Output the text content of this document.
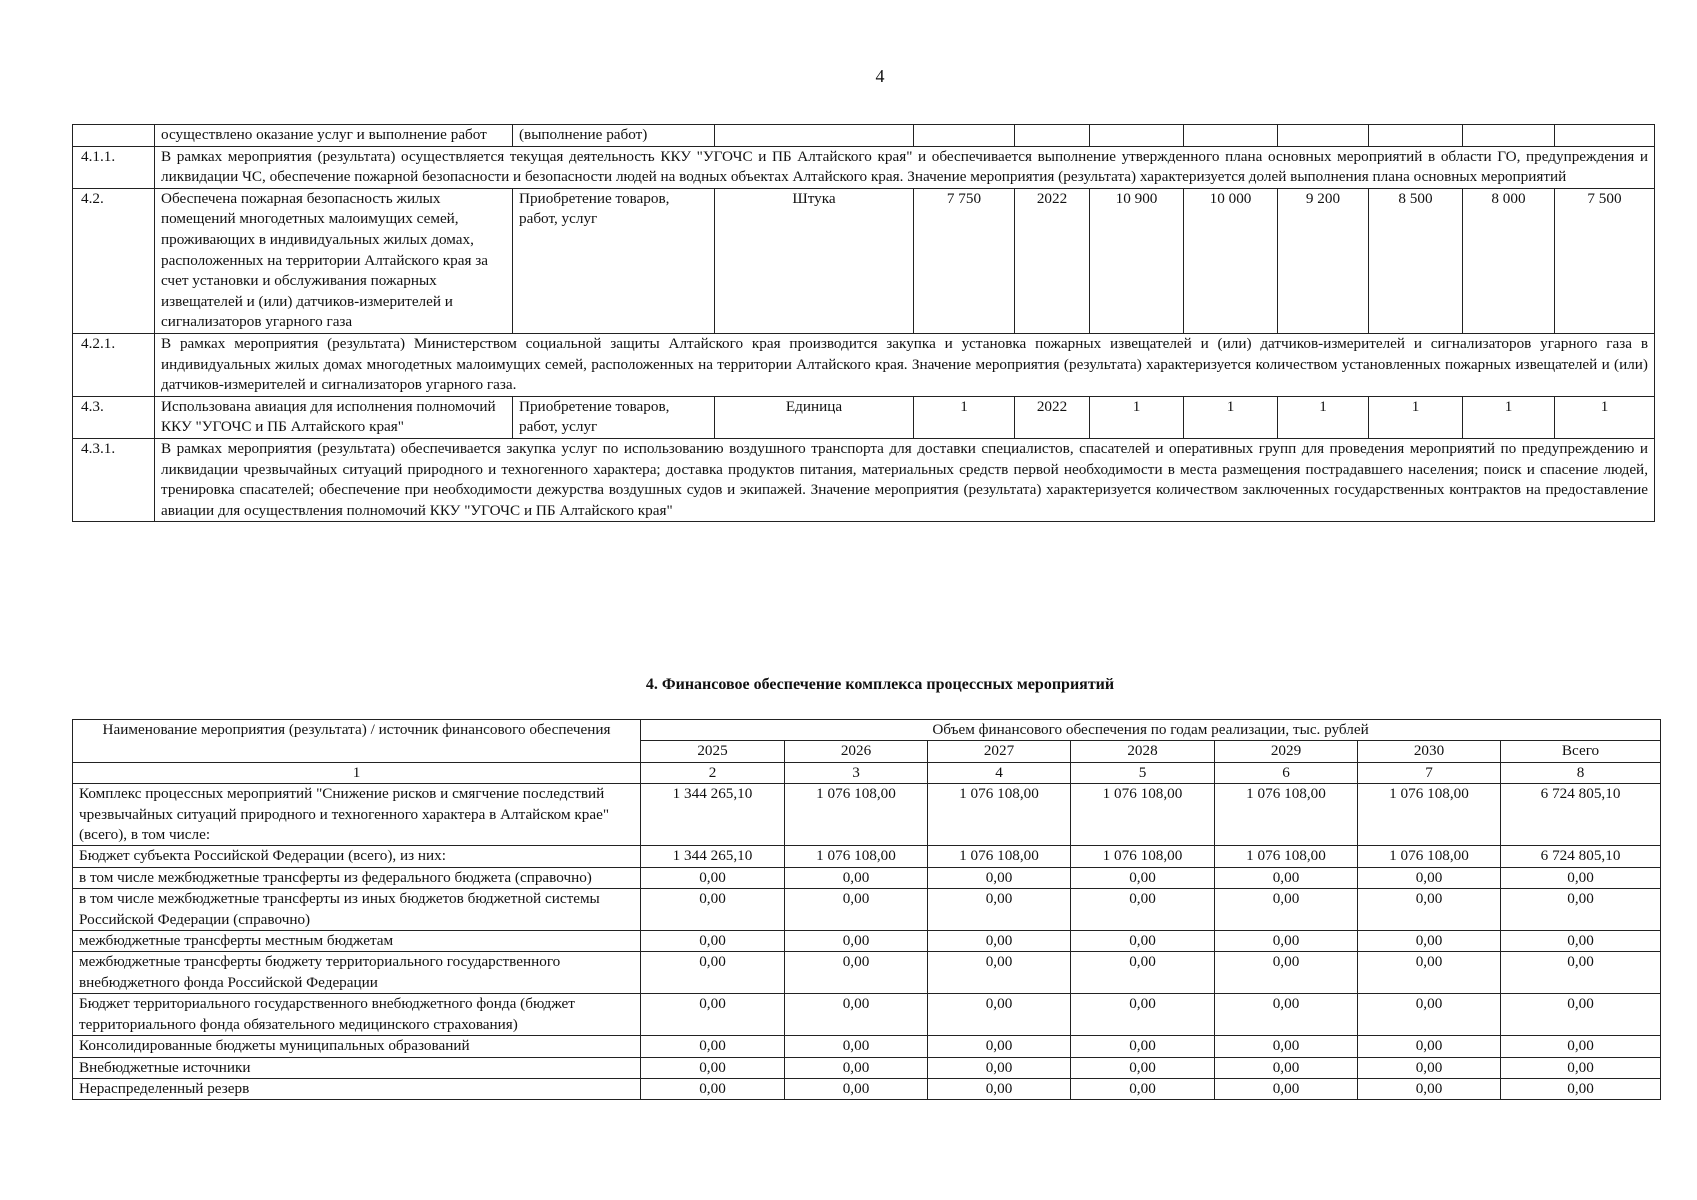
4
	осуществлено оказание услуг и выполнение работ	(выполнение работ)									
4.1.1.	В рамках мероприятия (результата) осуществляется текущая деятельность ККУ "УГОЧС и ПБ Алтайского края" и обеспечивается выполнение утвержденного плана основных мероприятий в области ГО, предупреждения и ликвидации ЧС, обеспечение пожарной безопасности и безопасности людей на водных объектах Алтайского края. Значение мероприятия (результата) характеризуется долей выполнения плана основных мероприятий										
4.2.	Обеспечена пожарная безопасность жилых помещений многодетных малоимущих семей, проживающих в индивидуальных жилых домах, расположенных на территории Алтайского края за счет установки и обслуживания пожарных извещателей и (или) датчиков-измерителей и сигнализаторов угарного газа	Приобретение товаров, работ, услуг	Штука	7 750	2022	10 900	10 000	9 200	8 500	8 000	7 500
4.2.1.	В рамках мероприятия (результата) Министерством социальной защиты Алтайского края производится закупка и установка пожарных извещателей и (или) датчиков-измерителей и сигнализаторов угарного газа в индивидуальных жилых домах многодетных малоимущих семей, расположенных на территории Алтайского края. Значение мероприятия (результата) характеризуется количеством установленных пожарных извещателей и (или) датчиков-измерителей и сигнализаторов угарного газа.										
4.3.	Использована авиация для исполнения полномочий ККУ "УГОЧС и ПБ Алтайского края"	Приобретение товаров, работ, услуг	Единица	1	2022	1	1	1	1	1	1
4.3.1.	В рамках мероприятия (результата) обеспечивается закупка услуг по использованию воздушного транспорта для доставки специалистов, спасателей и оперативных групп для проведения мероприятий по предупреждению и ликвидации чрезвычайных ситуаций природного и техногенного характера; доставка продуктов питания, материальных средств первой необходимости в места размещения пострадавшего населения; поиск и спасение людей, тренировка спасателей; обеспечение при необходимости дежурства воздушных судов и экипажей. Значение мероприятия (результата) характеризуется количеством заключенных государственных контрактов на предоставление авиации для осуществления полномочий ККУ "УГОЧС и ПБ Алтайского края"										
4. Финансовое обеспечение комплекса процессных мероприятий
Наименование мероприятия (результата) / источник финансового обеспечения	Объем финансового обеспечения по годам реализации, тыс. рублей						
	2025	2026	2027	2028	2029	2030	Всего
1	2	3	4	5	6	7	8
Комплекс процессных мероприятий "Снижение рисков и смягчение последствий чрезвычайных ситуаций природного и техногенного характера в Алтайском крае" (всего), в том числе:	1 344 265,10	1 076 108,00	1 076 108,00	1 076 108,00	1 076 108,00	1 076 108,00	6 724 805,10
Бюджет субъекта Российской Федерации (всего), из них:	1 344 265,10	1 076 108,00	1 076 108,00	1 076 108,00	1 076 108,00	1 076 108,00	6 724 805,10
в том числе межбюджетные трансферты из федерального бюджета (справочно)	0,00	0,00	0,00	0,00	0,00	0,00	0,00
в том числе межбюджетные трансферты из иных бюджетов бюджетной системы Российской Федерации (справочно)	0,00	0,00	0,00	0,00	0,00	0,00	0,00
межбюджетные трансферты местным бюджетам	0,00	0,00	0,00	0,00	0,00	0,00	0,00
межбюджетные трансферты бюджету территориального государственного внебюджетного фонда Российской Федерации	0,00	0,00	0,00	0,00	0,00	0,00	0,00
Бюджет территориального государственного внебюджетного фонда (бюджет территориального фонда обязательного медицинского страхования)	0,00	0,00	0,00	0,00	0,00	0,00	0,00
Консолидированные бюджеты муниципальных образований	0,00	0,00	0,00	0,00	0,00	0,00	0,00
Внебюджетные источники	0,00	0,00	0,00	0,00	0,00	0,00	0,00
Нераспределенный резерв	0,00	0,00	0,00	0,00	0,00	0,00	0,00
